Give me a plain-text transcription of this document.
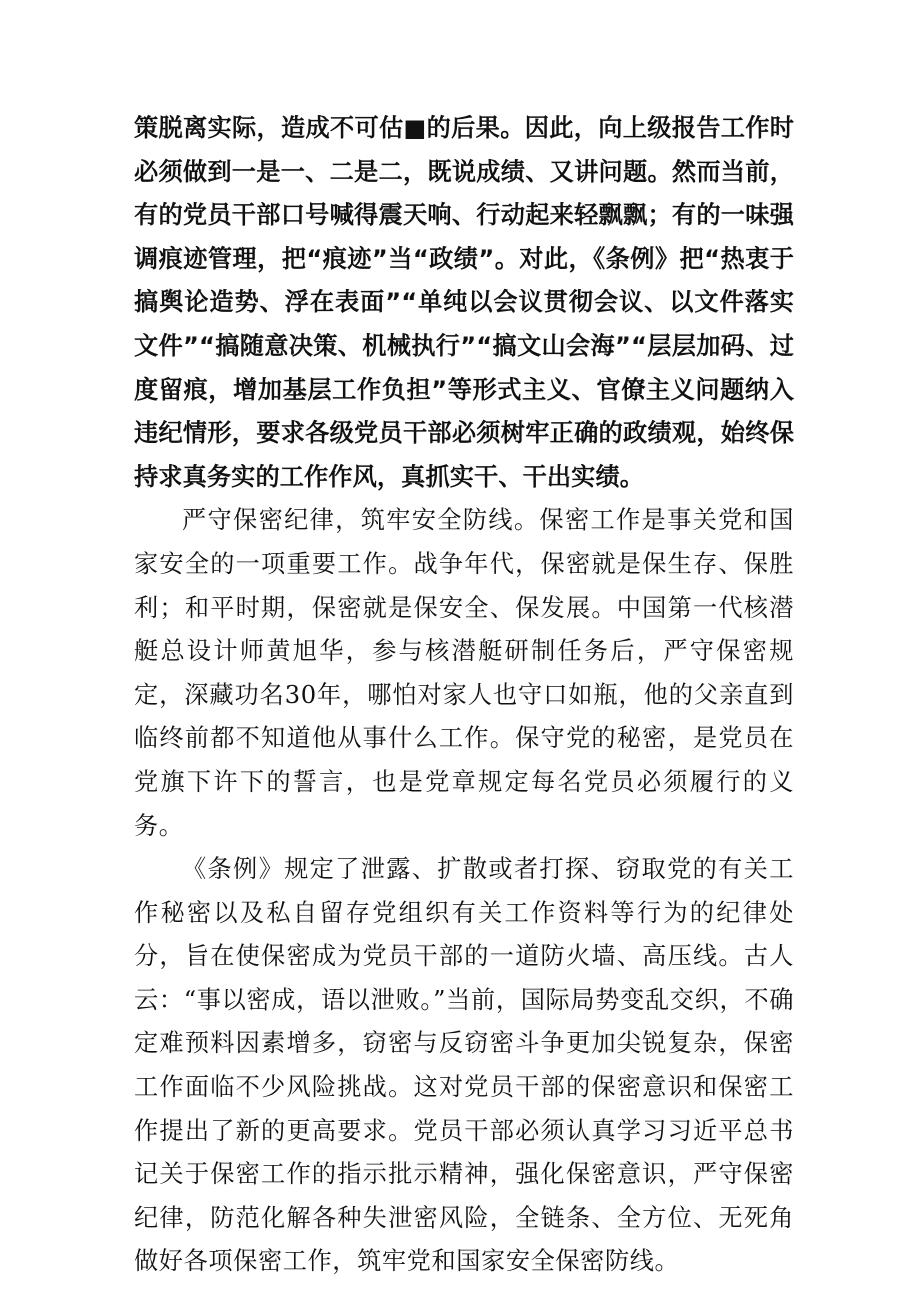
策脱离实际，造成不可估■的后果。因此，向上级报告工作时必须做到一是一、二是二，既说成绩、又讲问题。然而当前，有的党员干部口号喊得震天响、行动起来轻飘飘；有的一味强调痕迹管理，把“痕迹”当“政绩”。对此，《条例》把“热衷于搞舆论造势、浮在表面”“单纯以会议贯彻会议、以文件落实文件”“搞随意决策、机械执行”“搞文山会海”“层层加码、过度留痕，增加基层工作负担”等形式主义、官僚主义问题纳入违纪情形，要求各级党员干部必须树牢正确的政绩观，始终保持求真务实的工作作风，真抓实干、干出实绩。

严守保密纪律，筑牢安全防线。保密工作是事关党和国家安全的一项重要工作。战争年代，保密就是保生存、保胜利；和平时期，保密就是保安全、保发展。中国第一代核潜艇总设计师黄旭华，参与核潜艇研制任务后，严守保密规定，深藏功名30年，哪怕对家人也守口如瓶，他的父亲直到临终前都不知道他从事什么工作。保守党的秘密，是党员在党旗下许下的誓言，也是党章规定每名党员必须履行的义务。

《条例》规定了泄露、扩散或者打探、窃取党的有关工作秘密以及私自留存党组织有关工作资料等行为的纪律处分，旨在使保密成为党员干部的一道防火墙、高压线。古人云：“事以密成，语以泄败。”当前，国际局势变乱交织，不确定难预料因素增多，窃密与反窃密斗争更加尖锐复杂，保密工作面临不少风险挑战。这对党员干部的保密意识和保密工作提出了新的更高要求。党员干部必须认真学习习近平总书记关于保密工作的指示批示精神，强化保密意识，严守保密纪律，防范化解各种失泄密风险，全链条、全方位、无死角做好各项保密工作，筑牢党和国家安全保密防线。
